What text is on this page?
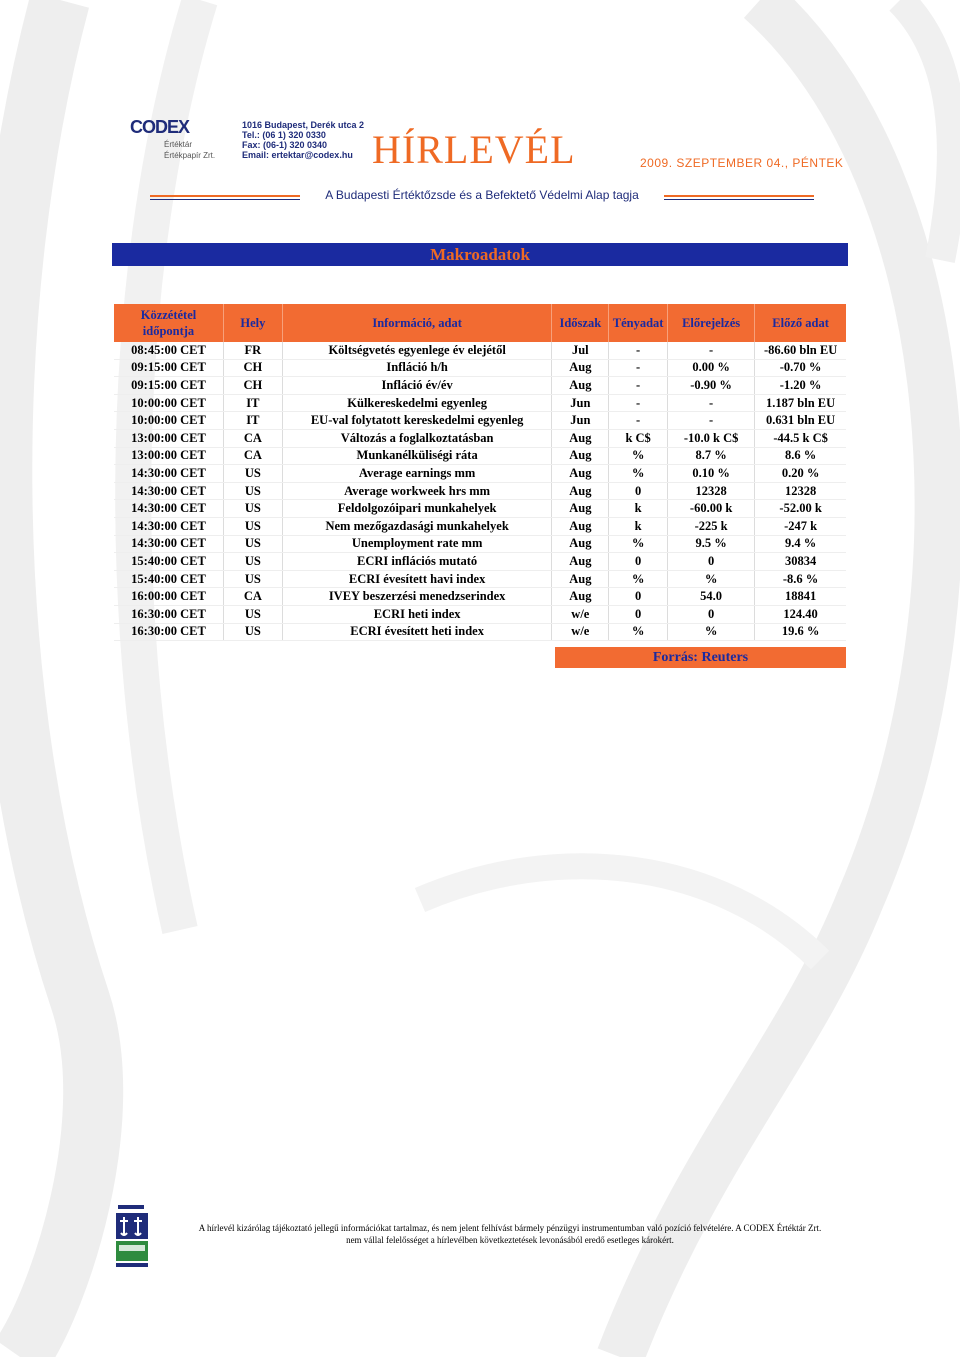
CODEX
Értéktár
Értékpapír Zrt.
1016 Budapest, Derék utca 2
Tel.: (06 1) 320 0330
Fax: (06-1) 320 0340
Email: ertektar@codex.hu HÍRLEVÉL	2009. SZEPTEMBER 04., PÉNTEK
A Budapesti Értéktőzsde és a Befektető Védelmi Alap tagja
Makroadatok
Közzététel
időpontja	Hely	Információ, adat	Időszak	Tényadat	Előrejelzés	Előző adat
08:45:00 CET	FR	Költségvetés egyenlege év elejétől	Jul	-	-	-86.60 bln EU
09:15:00 CET	CH	Infláció h/h	Aug	-	0.00 %	-0.70 %
09:15:00 CET	CH	Infláció év/év	Aug	-	-0.90 %	-1.20 %
10:00:00 CET	IT	Külkereskedelmi egyenleg	Jun	-	-	1.187 bln EU
10:00:00 CET	IT	EU-val folytatott kereskedelmi egyenleg	Jun	-	-	0.631 bln EU
13:00:00 CET	CA	Változás a foglalkoztatásban	Aug	k C$	-10.0 k C$	-44.5 k C$
13:00:00 CET	CA	Munkanélküliségi ráta	Aug	%	8.7 %	8.6 %
14:30:00 CET	US	Average earnings mm	Aug	%	0.10 %	0.20 %
14:30:00 CET	US	Average workweek hrs mm	Aug	0	12328	12328
14:30:00 CET	US	Feldolgozóipari munkahelyek	Aug	k	-60.00 k	-52.00 k
14:30:00 CET	US	Nem mezőgazdasági munkahelyek	Aug	k	-225 k	-247 k
14:30:00 CET	US	Unemployment rate mm	Aug	%	9.5 %	9.4 %
15:40:00 CET	US	ECRI inflációs mutató	Aug	0	0	30834
15:40:00 CET	US	ECRI évesített havi index	Aug	%	%	-8.6 %
16:00:00 CET	CA	IVEY beszerzési menedzserindex	Aug	0	54.0	18841
16:30:00 CET	US	ECRI heti index	w/e	0	0	124.40
16:30:00 CET	US	ECRI évesített heti index	w/e	%	%	19.6 %
Forrás: Reuters
A hírlevél kizárólag tájékoztató jellegű információkat tartalmaz, és nem jelent felhívást bármely pénzügyi instrumentumban való pozíció felvételére. A CODEX Értéktár Zrt.
nem vállal felelősséget a hírlevélben következtetések levonásából eredő esetleges károkért.
